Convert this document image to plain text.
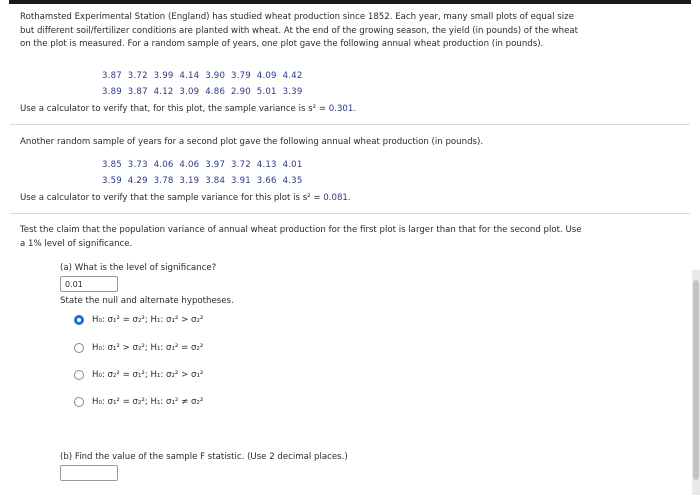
Rothamsted Experimental Station (England) has studied wheat production since 1852. Each year, many small plots of equal size
but different soil/fertilizer conditions are planted with wheat. At the end of the growing season, the yield (in pounds) of the wheat
on the plot is measured. For a random sample of years, one plot gave the following annual wheat production (in pounds).
3.87  3.72  3.99  4.14  3.90  3.79  4.09  4.42
3.89  3.87  4.12  3.09  4.86  2.90  5.01  3.39
Use a calculator to verify that, for this plot, the sample variance is s² = 0.301.
Another random sample of years for a second plot gave the following annual wheat production (in pounds).
3.85  3.73  4.06  4.06  3.97  3.72  4.13  4.01
3.59  4.29  3.78  3.19  3.84  3.91  3.66  4.35
Use a calculator to verify that the sample variance for this plot is s² = 0.081.
Test the claim that the population variance of annual wheat production for the first plot is larger than that for the second plot. Use
a 1% level of significance.
(a) What is the level of significance?
0.01
State the null and alternate hypotheses.
H₀: σ₁² = σ₂²; H₁: σ₁² > σ₂²
H₀: σ₁² > σ₂²; H₁: σ₁² = σ₂²
H₀: σ₂² = σ₁²; H₁: σ₂² > σ₁²
H₀: σ₁² = σ₂²; H₁: σ₁² ≠ σ₂²
(b) Find the value of the sample F statistic. (Use 2 decimal places.)
